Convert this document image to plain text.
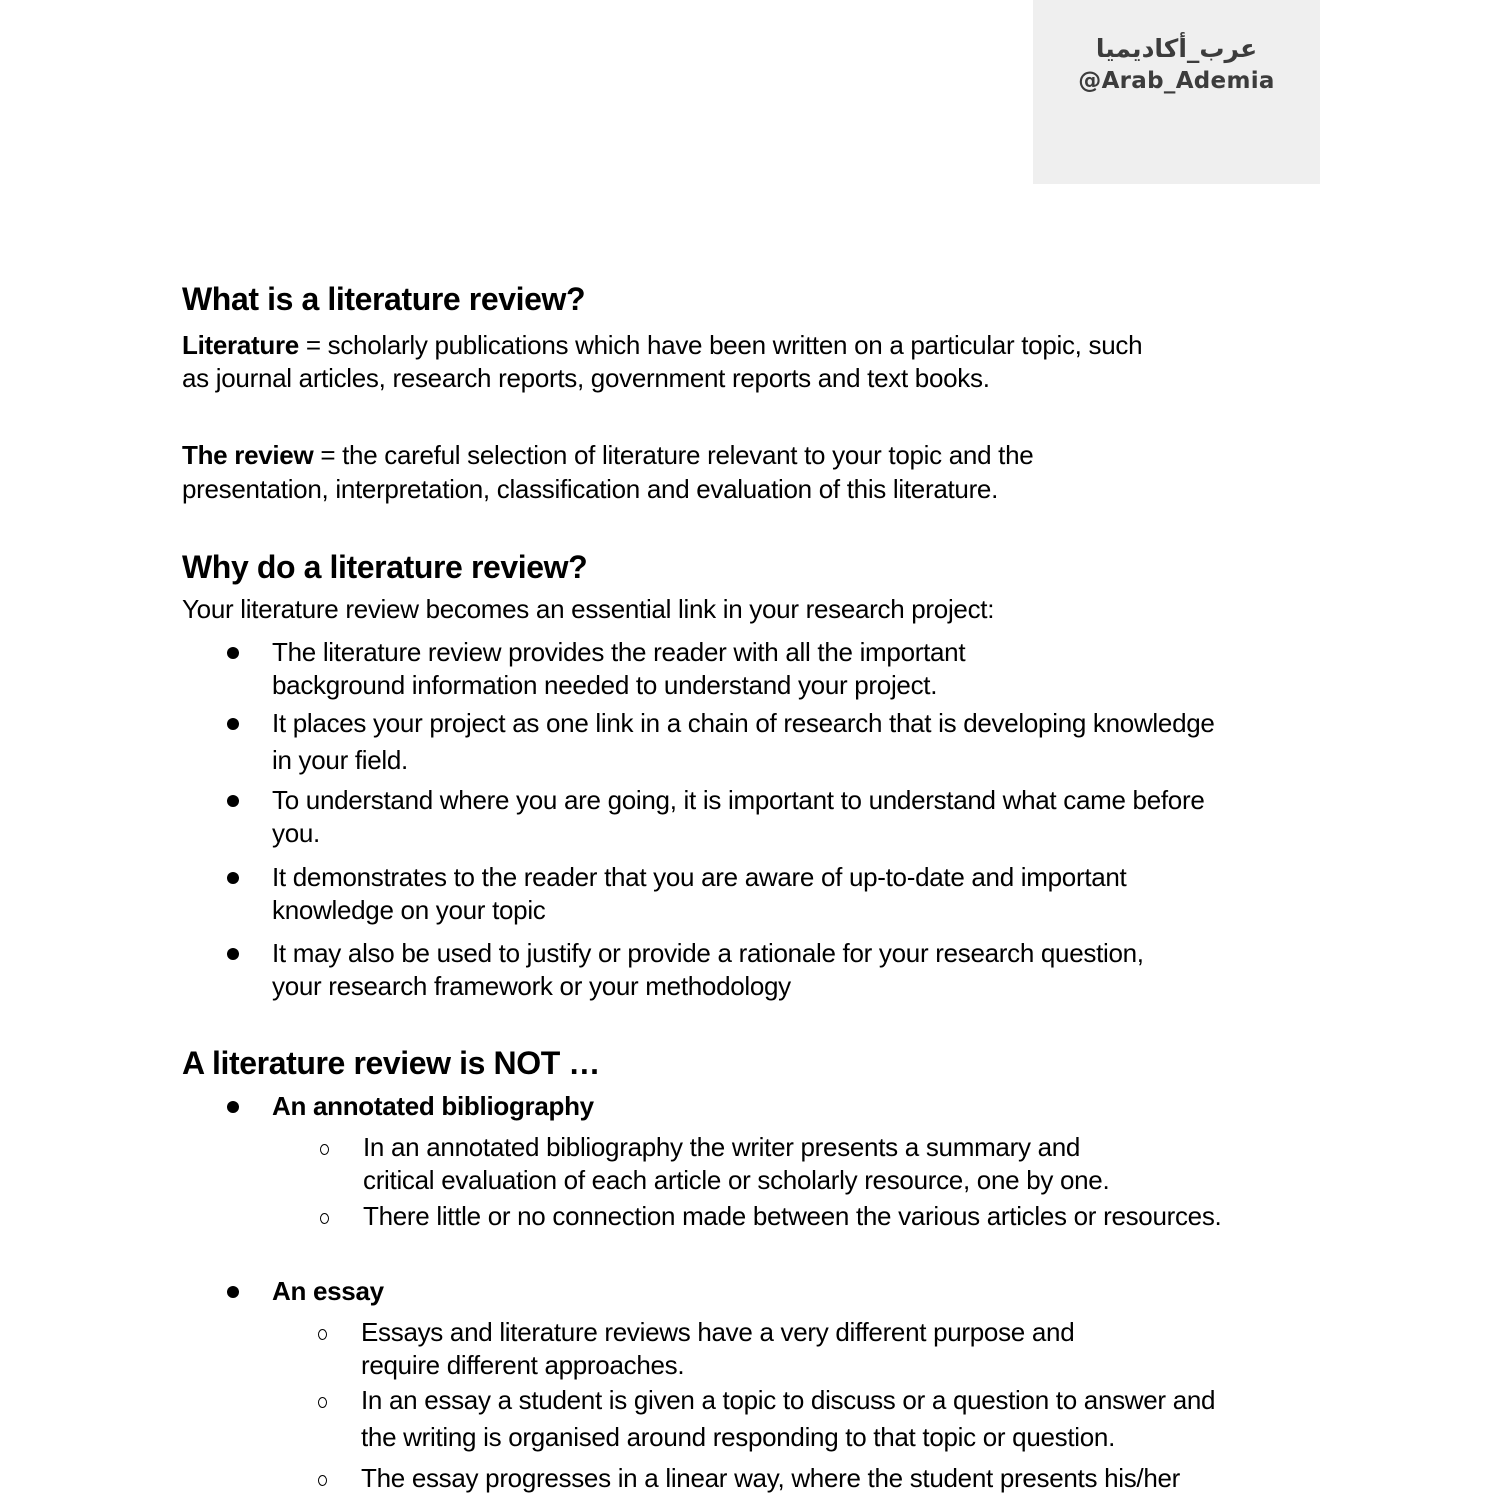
عرب_أكاديميا
@Arab_Ademia
What is a literature review?
Literature = scholarly publications which have been written on a particular topic, such
as journal articles, research reports, government reports and text books.
The review = the careful selection of literature relevant to your topic and the
presentation, interpretation, classification and evaluation of this literature.
Why do a literature review?
Your literature review becomes an essential link in your research project:
The literature review provides the reader with all the important
background information needed to understand your project.
It places your project as one link in a chain of research that is developing knowledge
in your field.
To understand where you are going, it is important to understand what came before
you.
It demonstrates to the reader that you are aware of up-to-date and important
knowledge on your topic
It may also be used to justify or provide a rationale for your research question,
your research framework or your methodology
A literature review is NOT …
An annotated bibliography
In an annotated bibliography the writer presents a summary and
critical evaluation of each article or scholarly resource, one by one.
There little or no connection made between the various articles or resources.
An essay
Essays and literature reviews have a very different purpose and
require different approaches.
In an essay a student is given a topic to discuss or a question to answer and
the writing is organised around responding to that topic or question.
The essay progresses in a linear way, where the student presents his/her
